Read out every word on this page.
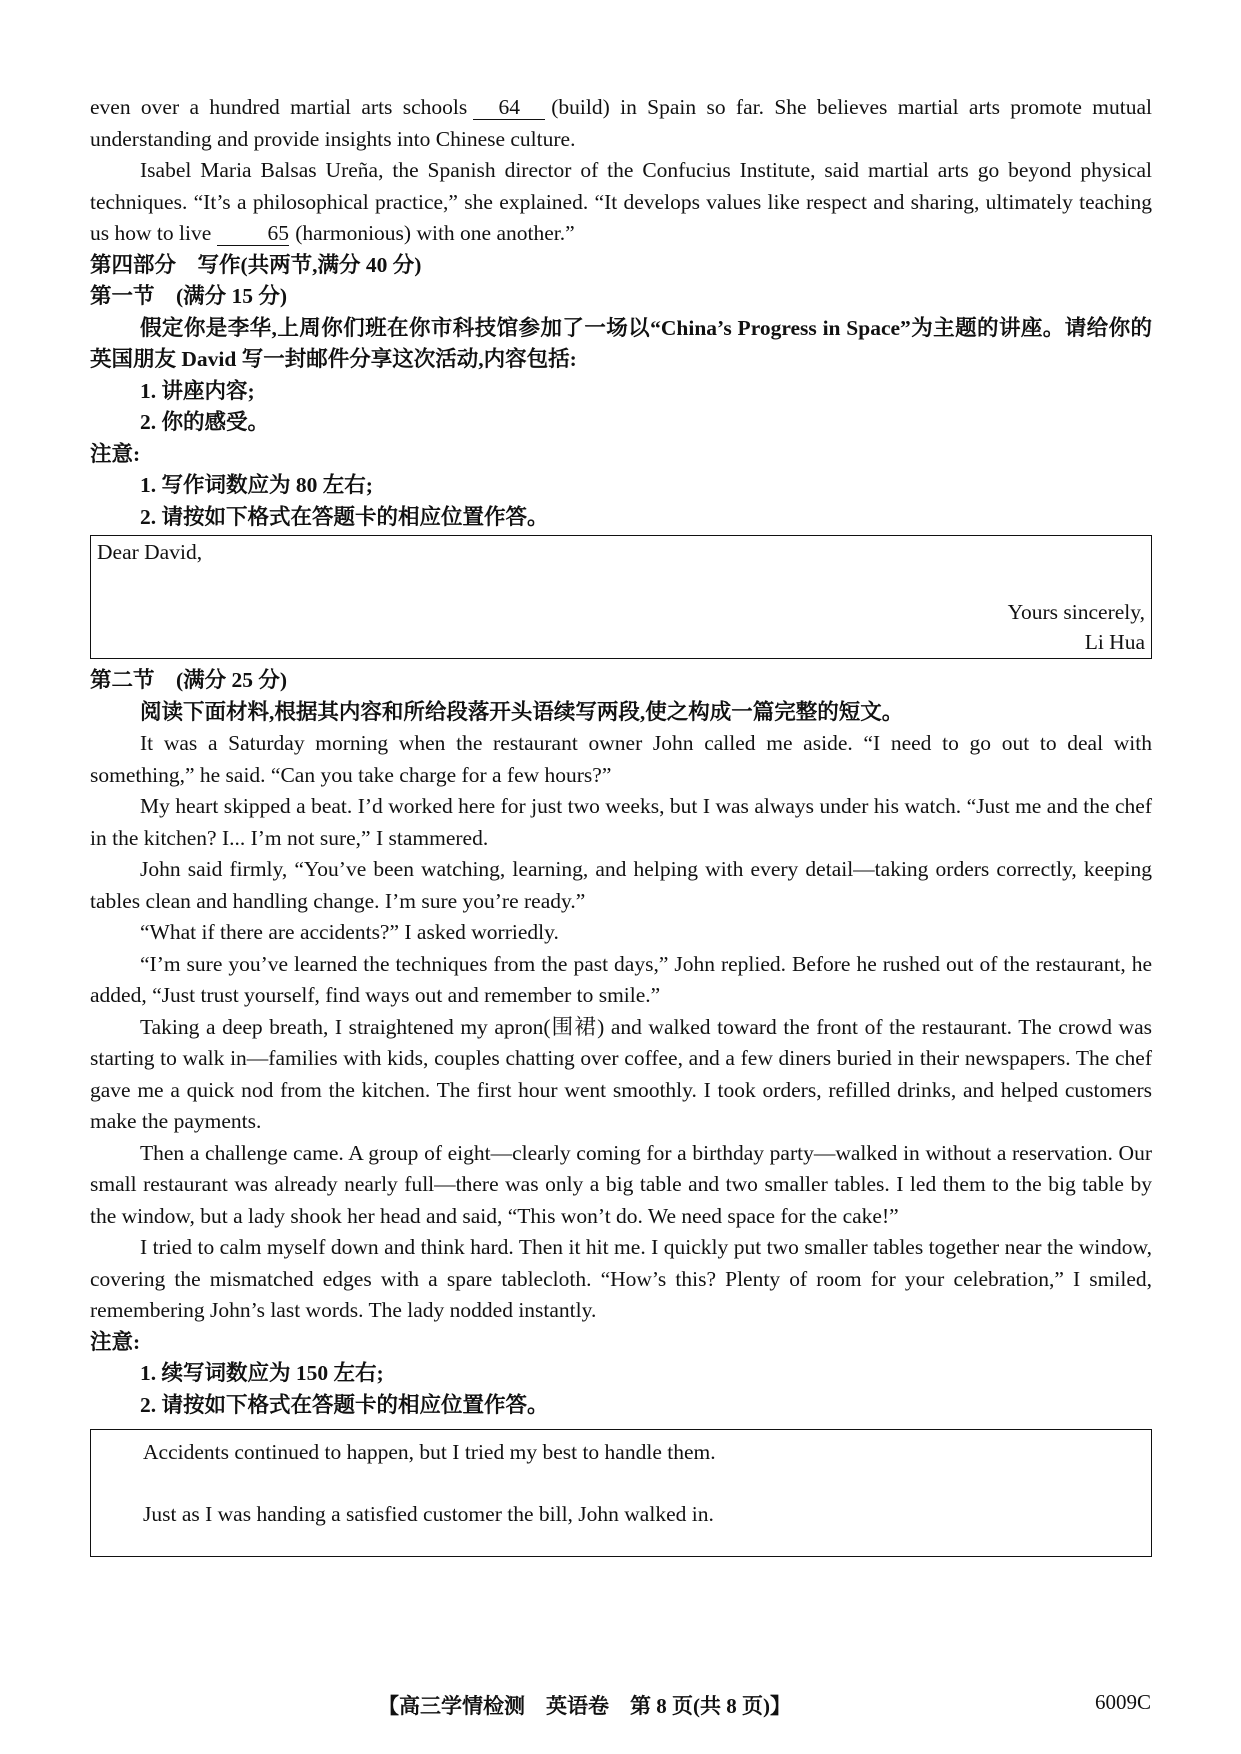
even over a hundred martial arts schools 64 (build) in Spain so far. She believes martial arts promote mutual understanding and provide insights into Chinese culture.

Isabel Maria Balsas Ureña, the Spanish director of the Confucius Institute, said martial arts go beyond physical techniques. “It’s a philosophical practice,” she explained. “It develops values like respect and sharing, ultimately teaching us how to live	65 (harmonious) with one another.”

第四部分　写作(共两节,满分 40 分)

第一节　(满分 15 分)

假定你是李华,上周你们班在你市科技馆参加了一场以“China’s Progress in Space”为主题的讲座。请给你的英国朋友 David 写一封邮件分享这次活动,内容包括:

1. 讲座内容;

2. 你的感受。

注意:

1. 写作词数应为 80 左右;

2. 请按如下格式在答题卡的相应位置作答。

Dear David,
Yours sincerely,
Li Hua

第二节　(满分 25 分)

阅读下面材料,根据其内容和所给段落开头语续写两段,使之构成一篇完整的短文。

It was a Saturday morning when the restaurant owner John called me aside. “I need to go out to deal with something,” he said. “Can you take charge for a few hours?”

My heart skipped a beat. I’d worked here for just two weeks, but I was always under his watch. “Just me and the chef in the kitchen? I... I’m not sure,” I stammered.

John said firmly, “You’ve been watching, learning, and helping with every detail—taking orders correctly, keeping tables clean and handling change. I’m sure you’re ready.”

“What if there are accidents?” I asked worriedly.

“I’m sure you’ve learned the techniques from the past days,” John replied. Before he rushed out of the restaurant, he added, “Just trust yourself, find ways out and remember to smile.”

Taking a deep breath, I straightened my apron(围裙) and walked toward the front of the restaurant. The crowd was starting to walk in—families with kids, couples chatting over coffee, and a few diners buried in their newspapers. The chef gave me a quick nod from the kitchen. The first hour went smoothly. I took orders, refilled drinks, and helped customers make the payments.

Then a challenge came. A group of eight—clearly coming for a birthday party—walked in without a reservation. Our small restaurant was already nearly full—there was only a big table and two smaller tables. I led them to the big table by the window, but a lady shook her head and said, “This won’t do. We need space for the cake!”

I tried to calm myself down and think hard. Then it hit me. I quickly put two smaller tables together near the window, covering the mismatched edges with a spare tablecloth. “How’s this? Plenty of room for your celebration,” I smiled, remembering John’s last words. The lady nodded instantly.

注意:

1. 续写词数应为 150 左右;

2. 请按如下格式在答题卡的相应位置作答。

Accidents continued to happen, but I tried my best to handle them.
Just as I was handing a satisfied customer the bill, John walked in.
【高三学情检测　英语卷　第 8 页(共 8 页)】	6009C
